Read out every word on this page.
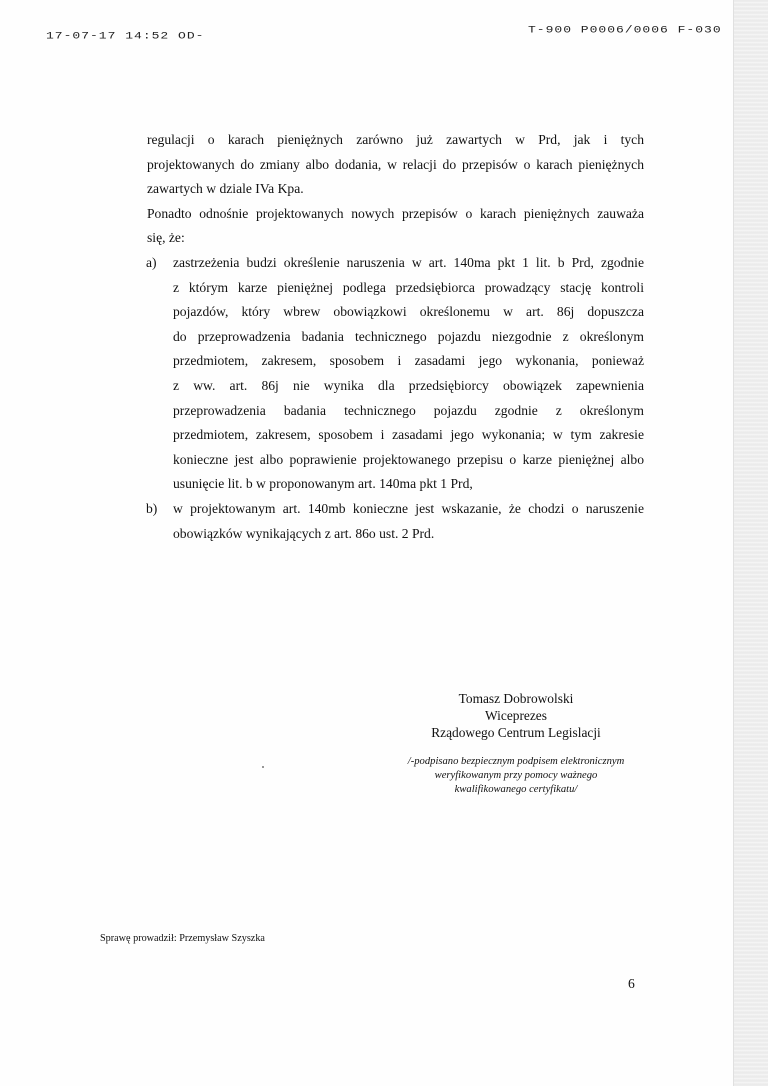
17-07-17 14:52 OD-
T-900 P0006/0006 F-030
regulacji o karach pieniężnych zarówno już zawartych w Prd, jak i tych
projektowanych do zmiany albo dodania, w relacji do przepisów o karach pieniężnych
zawartych w dziale IVa Kpa.
Ponadto odnośnie projektowanych nowych przepisów o karach pieniężnych zauważa
się, że:
a) zastrzeżenia budzi określenie naruszenia w art. 140ma pkt 1 lit. b Prd, zgodnie
z którym karze pieniężnej podlega przedsiębiorca prowadzący stację kontroli
pojazdów, który wbrew obowiązkowi określonemu w art. 86j dopuszcza
do przeprowadzenia badania technicznego pojazdu niezgodnie z określonym
przedmiotem, zakresem, sposobem i zasadami jego wykonania, ponieważ
z ww. art. 86j nie wynika dla przedsiębiorcy obowiązek zapewnienia
przeprowadzenia badania technicznego pojazdu zgodnie z określonym
przedmiotem, zakresem, sposobem i zasadami jego wykonania; w tym zakresie
konieczne jest albo poprawienie projektowanego przepisu o karze pieniężnej albo
usunięcie lit. b w proponowanym art. 140ma pkt 1 Prd,
b) w projektowanym art. 140mb konieczne jest wskazanie, że chodzi o naruszenie
obowiązków wynikających z art. 86o ust. 2 Prd.
Tomasz Dobrowolski
Wiceprezes
Rządowego Centrum Legislacji
/-podpisano bezpiecznym podpisem elektronicznym
weryfikowanym przy pomocy ważnego
kwalifikowanego certyfikatu/
Sprawę prowadził: Przemysław Szyszka
6
